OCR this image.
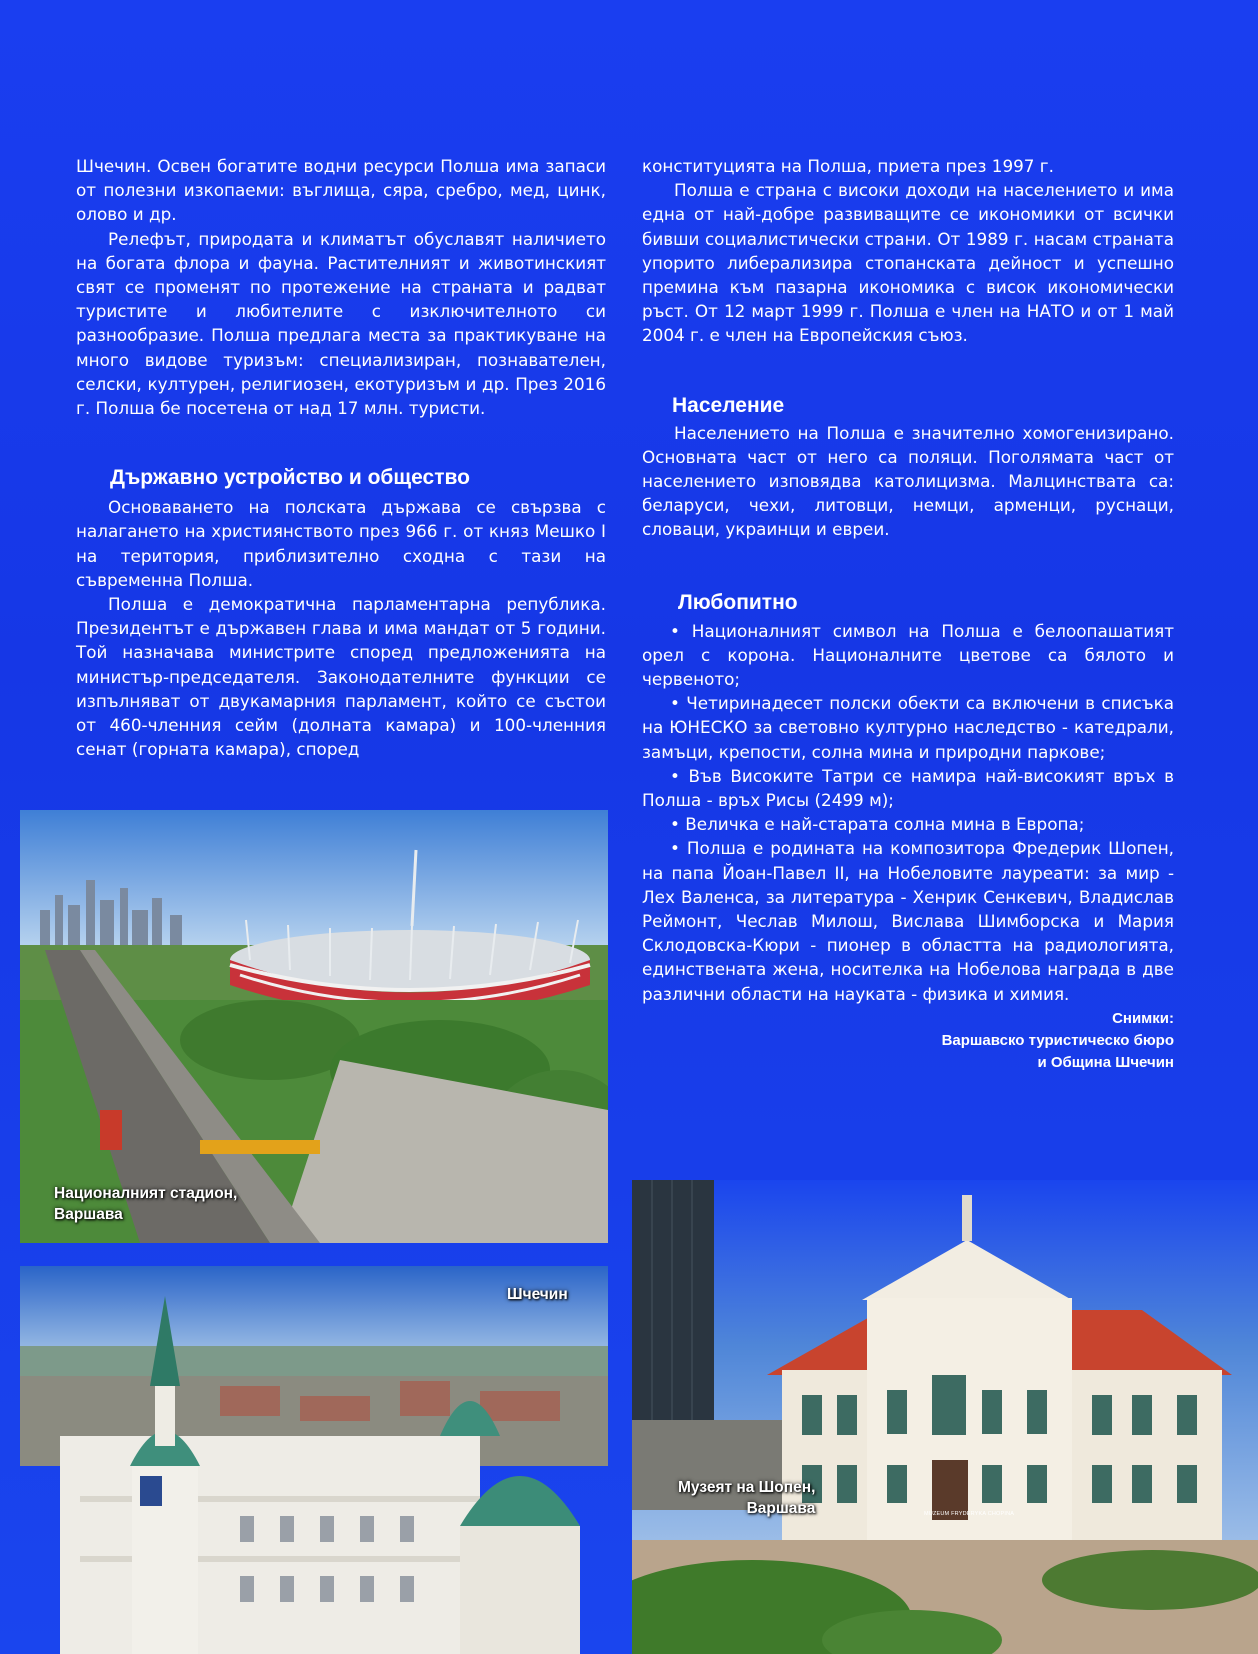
Шчечин. Освен богатите водни ресурси Полша има запаси от полезни изкопаеми: въглища, сяра, сребро, мед, цинк, олово и др.

Релефът, природата и климатът обуславят наличието на богата флора и фауна. Растителният и животинският свят се променят по протежение на страната и радват туристите и любителите с изключителното си разнообразие. Полша предлага места за практикуване на много видове туризъм: специализиран, познавателен, селски, културен, религиозен, екотуризъм и др. През 2016 г. Полша бе посетена от над 17 млн. туристи.

Държавно устройство и общество

Основаването на полската държава се свързва с налагането на християнството през 966 г. от княз Мешко I на територия, приблизително сходна с тази на съвременна Полша.

Полша е демократична парламентарна република. Президентът е държавен глава и има мандат от 5 години. Той назначава министрите според предложенията на министър-председателя. Законодателните функции се изпълняват от двукамарния парламент, който се състои от 460-членния сейм (долната камара) и 100-членния сенат (горната камара), според

конституцията на Полша, приета през 1997 г.

Полша е страна с високи доходи на населението и има една от най-добре развиващите се икономики от всички бивши социалистически страни. От 1989 г. насам страната упорито либерализира стопанската дейност и успешно премина към пазарна икономика с висок икономически ръст. От 12 март 1999 г. Полша е член на НАТО и от 1 май 2004 г. е член на Европейския съюз.

Население

Населението на Полша е значително хомогенизирано. Основната част от него са поляци. Поголямата част от населението изповядва католицизма. Малцинствата са: беларуси, чехи, литовци, немци, арменци, руснаци, словаци, украинци и евреи.

Любопитно

• Националният символ на Полша е белоопашатият орел с корона. Националните цветове са бялото и червеното;

• Четиринадесет полски обекти са включени в списъка на ЮНЕСКО за световно културно наследство - катедрали, замъци, крепости, солна мина и природни паркове;

• Във Високите Татри се намира най-високият връх в Полша - връх Рисы (2499 м);

• Величка е най-старата солна мина в Европа;

• Полша е родината на композитора Фредерик Шопен, на папа Йоан-Павел II, на Нобеловите лауреати: за мир - Лех Валенса, за литература - Хенрик Сенкевич, Владислав Реймонт, Чеслав Милош, Вислава Шимборска и Мария Склодовска-Кюри - пионер в областта на радиологията, единствената жена, носителка на Нобелова награда в две различни области на науката - физика и химия.

Снимки:
Варшавско туристическо бюро
и Община Шчечин
Националният стадион,
Варшава
Шчечин
MUZEUM FRYDERYKA CHOPINA
Музеят на Шопен,
Варшава
